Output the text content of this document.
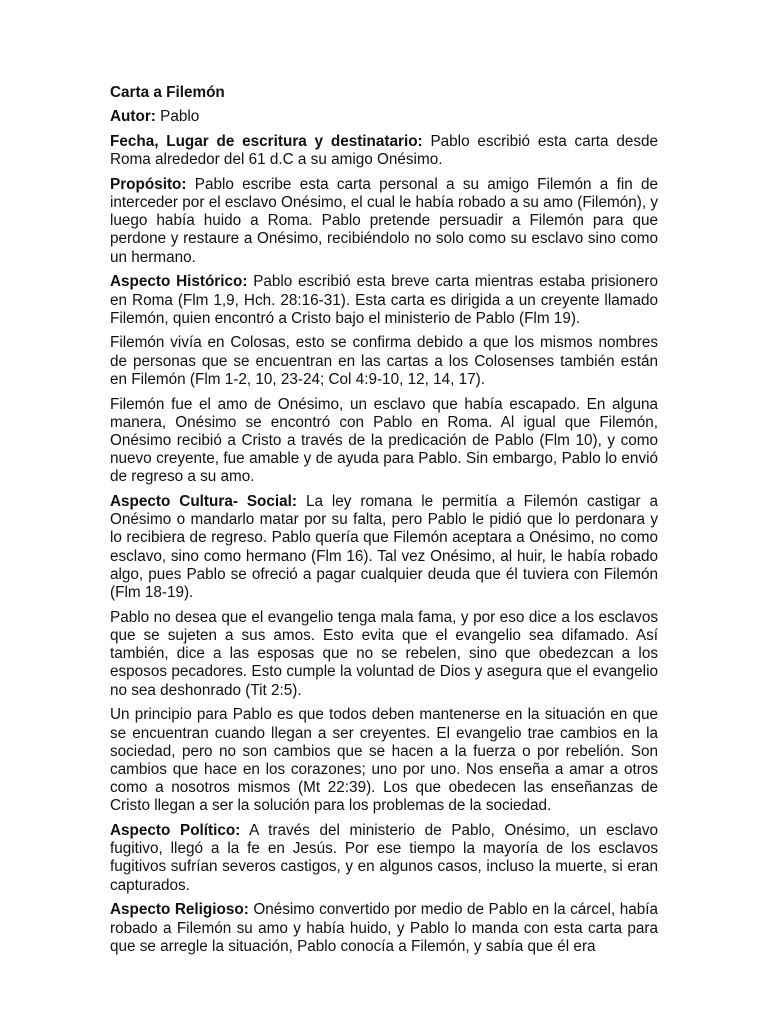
Carta a Filemón

Autor: Pablo

Fecha, Lugar de escritura y destinatario: Pablo escribió esta carta desde Roma alrededor del 61 d.C a su amigo Onésimo.

Propósito: Pablo escribe esta carta personal a su amigo Filemón a fin de interceder por el esclavo Onésimo, el cual le había robado a su amo (Filemón), y luego había huido a Roma. Pablo pretende persuadir a Filemón para que perdone y restaure a Onésimo, recibiéndolo no solo como su esclavo sino como un hermano.

Aspecto Histórico: Pablo escribió esta breve carta mientras estaba prisionero en Roma (Flm 1,9, Hch. 28:16-31). Esta carta es dirigida a un creyente llamado Filemón, quien encontró a Cristo bajo el ministerio de Pablo (Flm 19).

Filemón vivía en Colosas, esto se confirma debido a que los mismos nombres de personas que se encuentran en las cartas a los Colosenses también están en Filemón (Flm 1-2, 10, 23-24; Col 4:9-10, 12, 14, 17).

Filemón fue el amo de Onésimo, un esclavo que había escapado. En alguna manera, Onésimo se encontró con Pablo en Roma. Al igual que Filemón, Onésimo recibió a Cristo a través de la predicación de Pablo (Flm 10), y como nuevo creyente, fue amable y de ayuda para Pablo. Sin embargo, Pablo lo envió de regreso a su amo.

Aspecto Cultura- Social: La ley romana le permitía a Filemón castigar a Onésimo o mandarlo matar por su falta, pero Pablo le pidió que lo perdonara y lo recibiera de regreso. Pablo quería que Filemón aceptara a Onésimo, no como esclavo, sino como hermano (Flm 16). Tal vez Onésimo, al huir, le había robado algo, pues Pablo se ofreció a pagar cualquier deuda que él tuviera con Filemón (Flm 18-19).

Pablo no desea que el evangelio tenga mala fama, y por eso dice a los esclavos que se sujeten a sus amos. Esto evita que el evangelio sea difamado. Así también, dice a las esposas que no se rebelen, sino que obedezcan a los esposos pecadores. Esto cumple la voluntad de Dios y asegura que el evangelio no sea deshonrado (Tit 2:5).

Un principio para Pablo es que todos deben mantenerse en la situación en que se encuentran cuando llegan a ser creyentes. El evangelio trae cambios en la sociedad, pero no son cambios que se hacen a la fuerza o por rebelión. Son cambios que hace en los corazones; uno por uno. Nos enseña a amar a otros como a nosotros mismos (Mt 22:39). Los que obedecen las enseñanzas de Cristo llegan a ser la solución para los problemas de la sociedad.

Aspecto Político: A través del ministerio de Pablo, Onésimo, un esclavo fugitivo, llegó a la fe en Jesús. Por ese tiempo la mayoría de los esclavos fugitivos sufrían severos castigos, y en algunos casos, incluso la muerte, si eran capturados.

Aspecto Religioso: Onésimo convertido por medio de Pablo en la cárcel, había robado a Filemón su amo y había huido, y Pablo lo manda con esta carta para que se arregle la situación, Pablo conocía a Filemón, y sabía que él era
